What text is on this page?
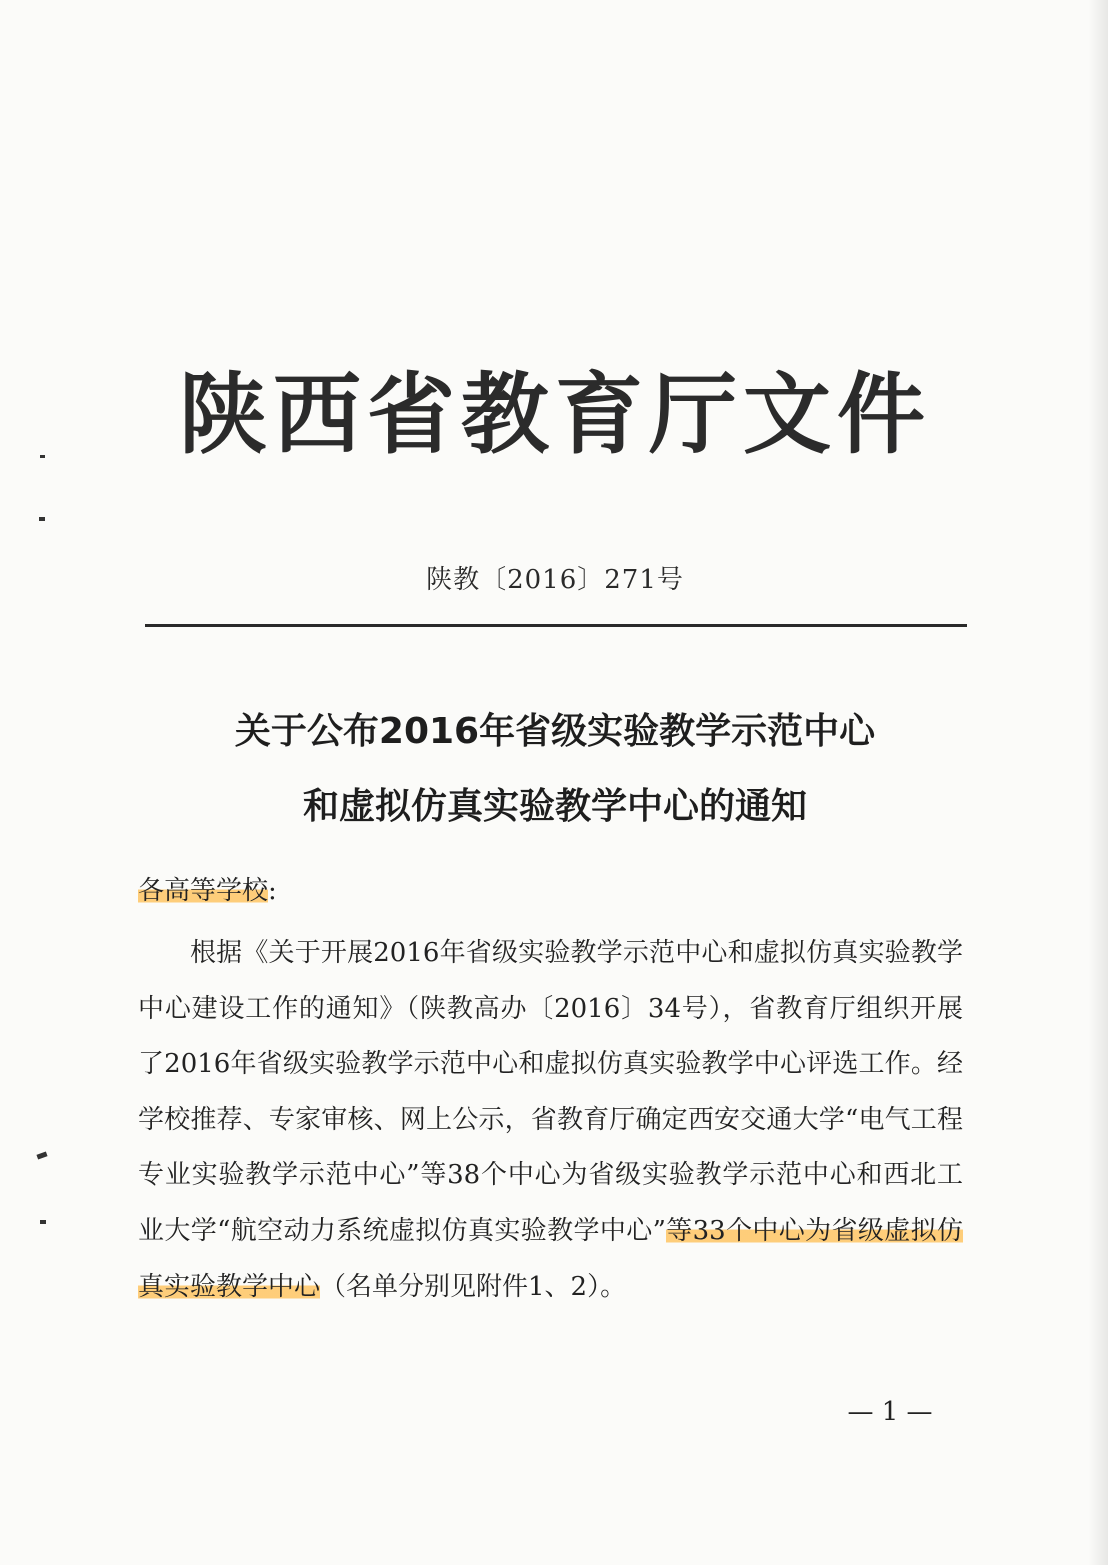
陕西省教育厅文件
陕教〔2016〕271号
关于公布2016年省级实验教学示范中心
和虚拟仿真实验教学中心的通知
各高等学校:
根据《关于开展2016年省级实验教学示范中心和虚拟仿真实验教学中心建设工作的通知》（陕教高办〔2016〕34号），省教育厅组织开展了2016年省级实验教学示范中心和虚拟仿真实验教学中心评选工作。经学校推荐、专家审核、网上公示，省教育厅确定西安交通大学“电气工程专业实验教学示范中心”等38个中心为省级实验教学示范中心和西北工业大学“航空动力系统虚拟仿真实验教学中心”等33个中心为省级虚拟仿真实验教学中心（名单分别见附件1、2）。
— 1 —
